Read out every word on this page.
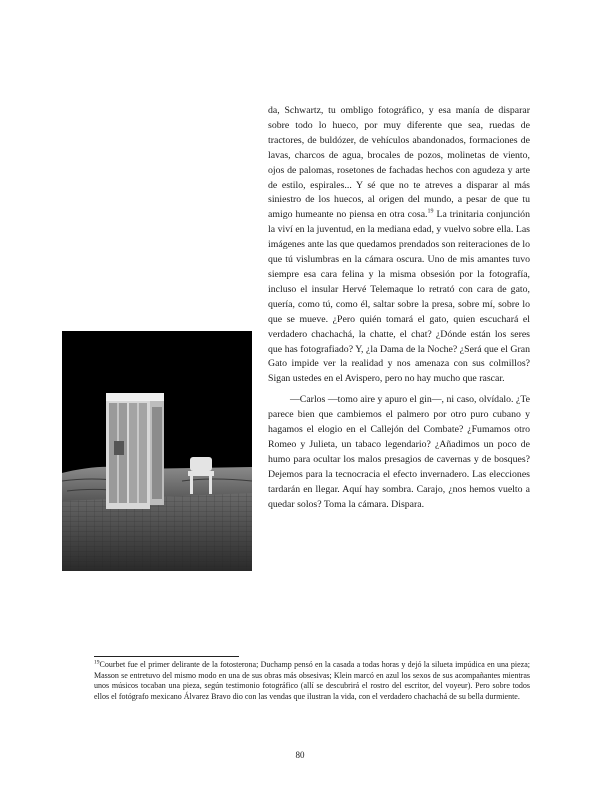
da, Schwartz, tu ombligo fotográfico, y esa manía de disparar sobre todo lo hueco, por muy diferente que sea, ruedas de tractores, de buldózer, de vehículos abandonados, formaciones de lavas, charcos de agua, brocales de pozos, molinetas de viento, ojos de palomas, rosetones de fachadas hechos con agudeza y arte de estilo, espirales... Y sé que no te atreves a disparar al más siniestro de los huecos, al origen del mundo, a pesar de que tu amigo humeante no piensa en otra cosa.$^{19}$ La trinitaria conjunción la viví en la juventud, en la mediana edad, y vuelvo sobre ella. Las imágenes ante las que quedamos prendados son reiteraciones de lo que tú vislumbras en la cámara oscura. Uno de mis amantes tuvo siempre esa cara felina y la misma obsesión por la fotografía, incluso el insular Hervé Telemaque lo retrató con cara de gato, quería, como tú, como él, saltar sobre la presa, sobre mí, sobre lo que se mueve. ¿Pero quién tomará el gato, quien escuchará el verdadero chachachá, la chatte, el chat? ¿Dónde están los seres que has fotografiado? Y, ¿la Dama de la Noche? ¿Será que el Gran Gato impide ver la realidad y nos amenaza con sus colmillos? Sigan ustedes en el Avispero, pero no hay mucho que rascar.

—Carlos —tomo aire y apuro el gin—, ni caso, olvídalo. ¿Te parece bien que cambiemos el palmero por otro puro cubano y hagamos el elogio en el Callejón del Combate? ¿Fumamos otro Romeo y Julieta, un tabaco legendario? ¿Añadimos un poco de humo para ocultar los malos presagios de cavernas y de bosques? Dejemos para la tecnocracia el efecto invernadero. Las elecciones tardarán en llegar. Aquí hay sombra. Carajo, ¿nos hemos vuelto a quedar solos? Toma la cámara. Dispara.

$^{19}$Courbet fue el primer delirante de la fotosterona; Duchamp pensó en la casada a todas horas y dejó la silueta impúdica en una pieza; Masson se entretuvo del mismo modo en una de sus obras más obsesivas; Klein marcó en azul los sexos de sus acompañantes mientras unos músicos tocaban una pieza, según testimonio fotográfico (allí se descubrirá el rostro del escritor, del voyeur). Pero sobre todos ellos el fotógrafo mexicano Álvarez Bravo dio con las vendas que ilustran la vida, con el verdadero chachachá de su bella durmiente.

80
